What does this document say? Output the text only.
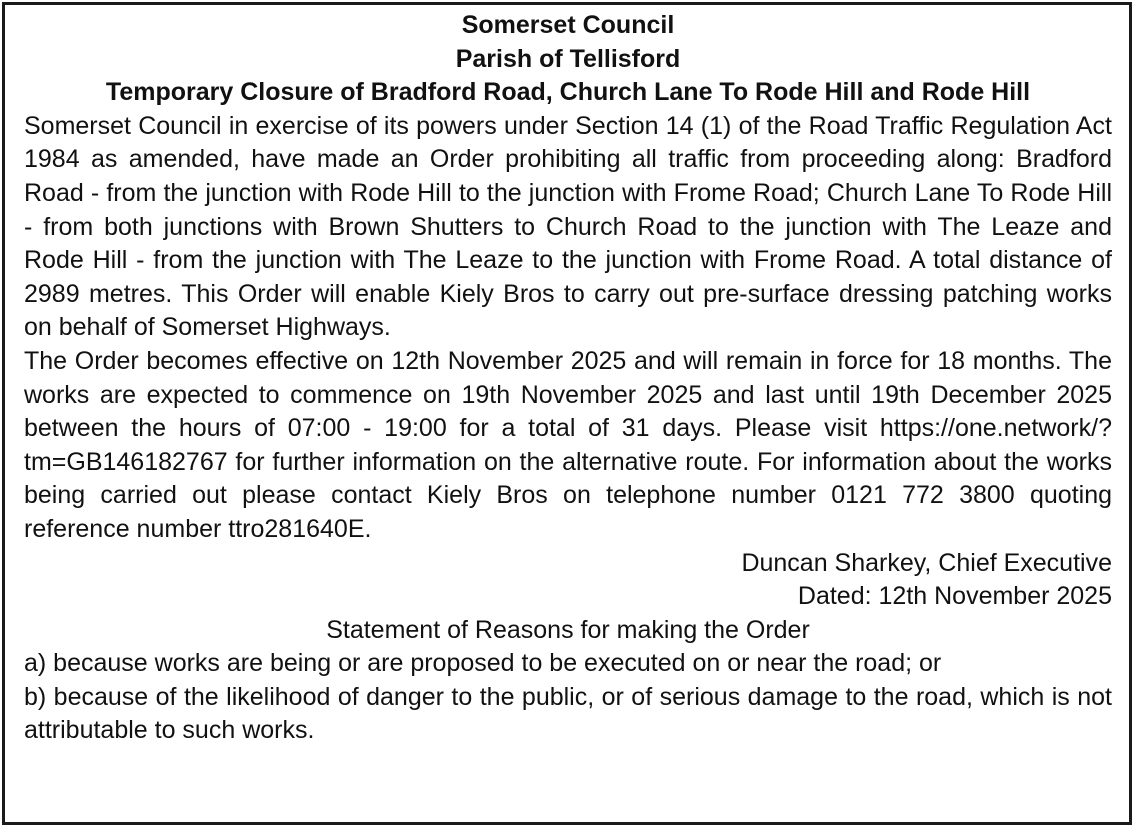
Somerset Council

Parish of Tellisford

Temporary Closure of Bradford Road, Church Lane To Rode Hill and Rode Hill

Somerset Council in exercise of its powers under Section 14 (1) of the Road Traffic Regulation Act 1984 as amended, have made an Order prohibiting all traffic from proceeding along: Bradford Road - from the junction with Rode Hill to the junction with Frome Road; Church Lane To Rode Hill - from both junctions with Brown Shutters to Church Road to the junction with The Leaze and Rode Hill - from the junction with The Leaze to the junction with Frome Road. A total distance of 2989 metres. This Order will enable Kiely Bros to carry out pre-surface dressing patching works on behalf of Somerset Highways.

The Order becomes effective on 12th November 2025 and will remain in force for 18 months. The works are expected to commence on 19th November 2025 and last until 19th December 2025 between the hours of 07:00 - 19:00 for a total of 31 days. Please visit https://one.network/?tm=GB146182767 for further information on the alternative route. For information about the works being carried out please contact Kiely Bros on telephone number 0121 772 3800 quoting reference number ttro281640E.

Duncan Sharkey, Chief Executive

Dated: 12th November 2025

Statement of Reasons for making the Order

a) because works are being or are proposed to be executed on or near the road; or

b) because of the likelihood of danger to the public, or of serious damage to the road, which is not attributable to such works.
